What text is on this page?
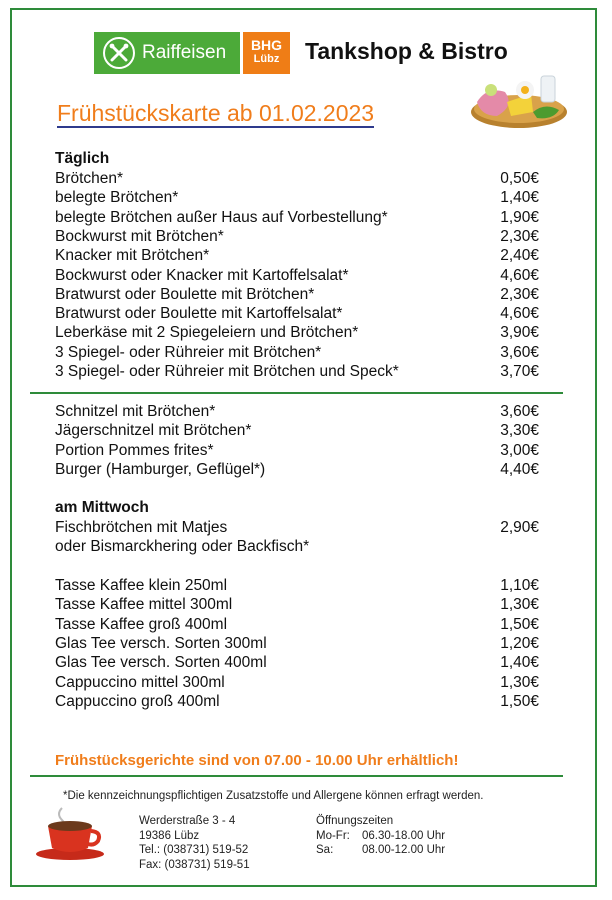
Raiffeisen	BHG
Lübz	Tankshop & Bistro
Frühstückskarte ab 01.02.2023
Täglich
Brötchen*	0,50€
belegte Brötchen*	1,40€
belegte Brötchen außer Haus auf Vorbestellung*	1,90€
Bockwurst mit Brötchen*	2,30€
Knacker mit Brötchen*	2,40€
Bockwurst oder Knacker mit Kartoffelsalat*	4,60€
Bratwurst oder Boulette mit Brötchen*	2,30€
Bratwurst oder Boulette mit Kartoffelsalat*	4,60€
Leberkäse mit 2 Spiegeleiern und Brötchen*	3,90€
3 Spiegel- oder Rühreier mit Brötchen*	3,60€
3 Spiegel- oder Rühreier mit Brötchen und Speck*	3,70€
Schnitzel mit Brötchen*	3,60€
Jägerschnitzel mit Brötchen*	3,30€
Portion Pommes frites*	3,00€
Burger (Hamburger, Geflügel*)	4,40€
am Mittwoch
Fischbrötchen mit Matjes	2,90€
oder Bismarckhering oder Backfisch*
Tasse Kaffee klein 250ml	1,10€
Tasse Kaffee mittel 300ml	1,30€
Tasse Kaffee groß 400ml	1,50€
Glas Tee versch. Sorten 300ml	1,20€
Glas Tee versch. Sorten 400ml	1,40€
Cappuccino mittel 300ml	1,30€
Cappuccino groß 400ml	1,50€
Frühstücksgerichte sind von 07.00 - 10.00 Uhr erhältlich!
*Die kennzeichnungspflichtigen Zusatzstoffe und Allergene können erfragt werden.
Werderstraße 3 - 4
19386 Lübz
Tel.: (038731) 519-52
Fax: (038731) 519-51
Öffnungszeiten
Mo-Fr: 06.30-18.00 Uhr
Sa: 08.00-12.00 Uhr
